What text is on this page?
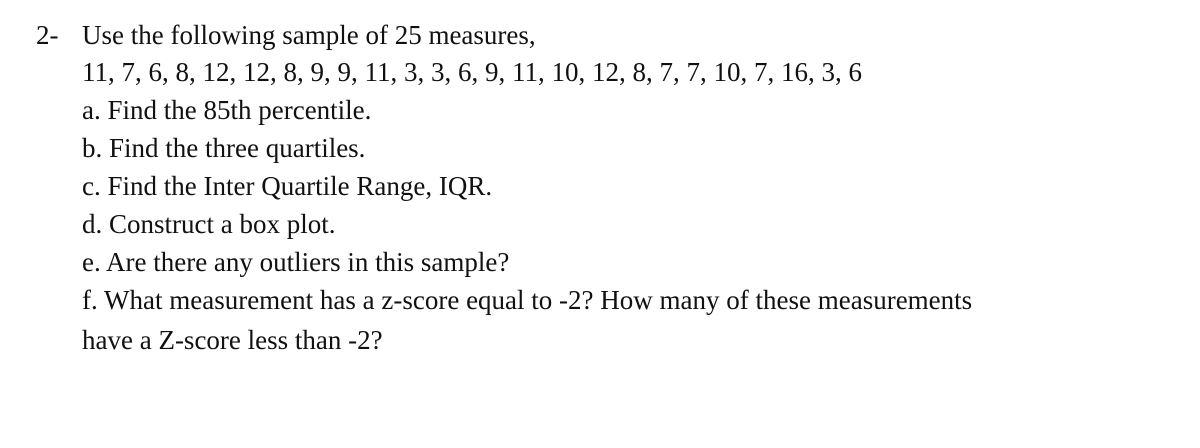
2- Use the following sample of 25 measures,
11, 7, 6, 8, 12, 12, 8, 9, 9, 11, 3, 3, 6, 9, 11, 10, 12, 8, 7, 7, 10, 7, 16, 3, 6
a. Find the 85th percentile.
b. Find the three quartiles.
c. Find the Inter Quartile Range, IQR.
d. Construct a box plot.
e. Are there any outliers in this sample?
f. What measurement has a z-score equal to -2? How many of these measurements
have a Z-score less than -2?
